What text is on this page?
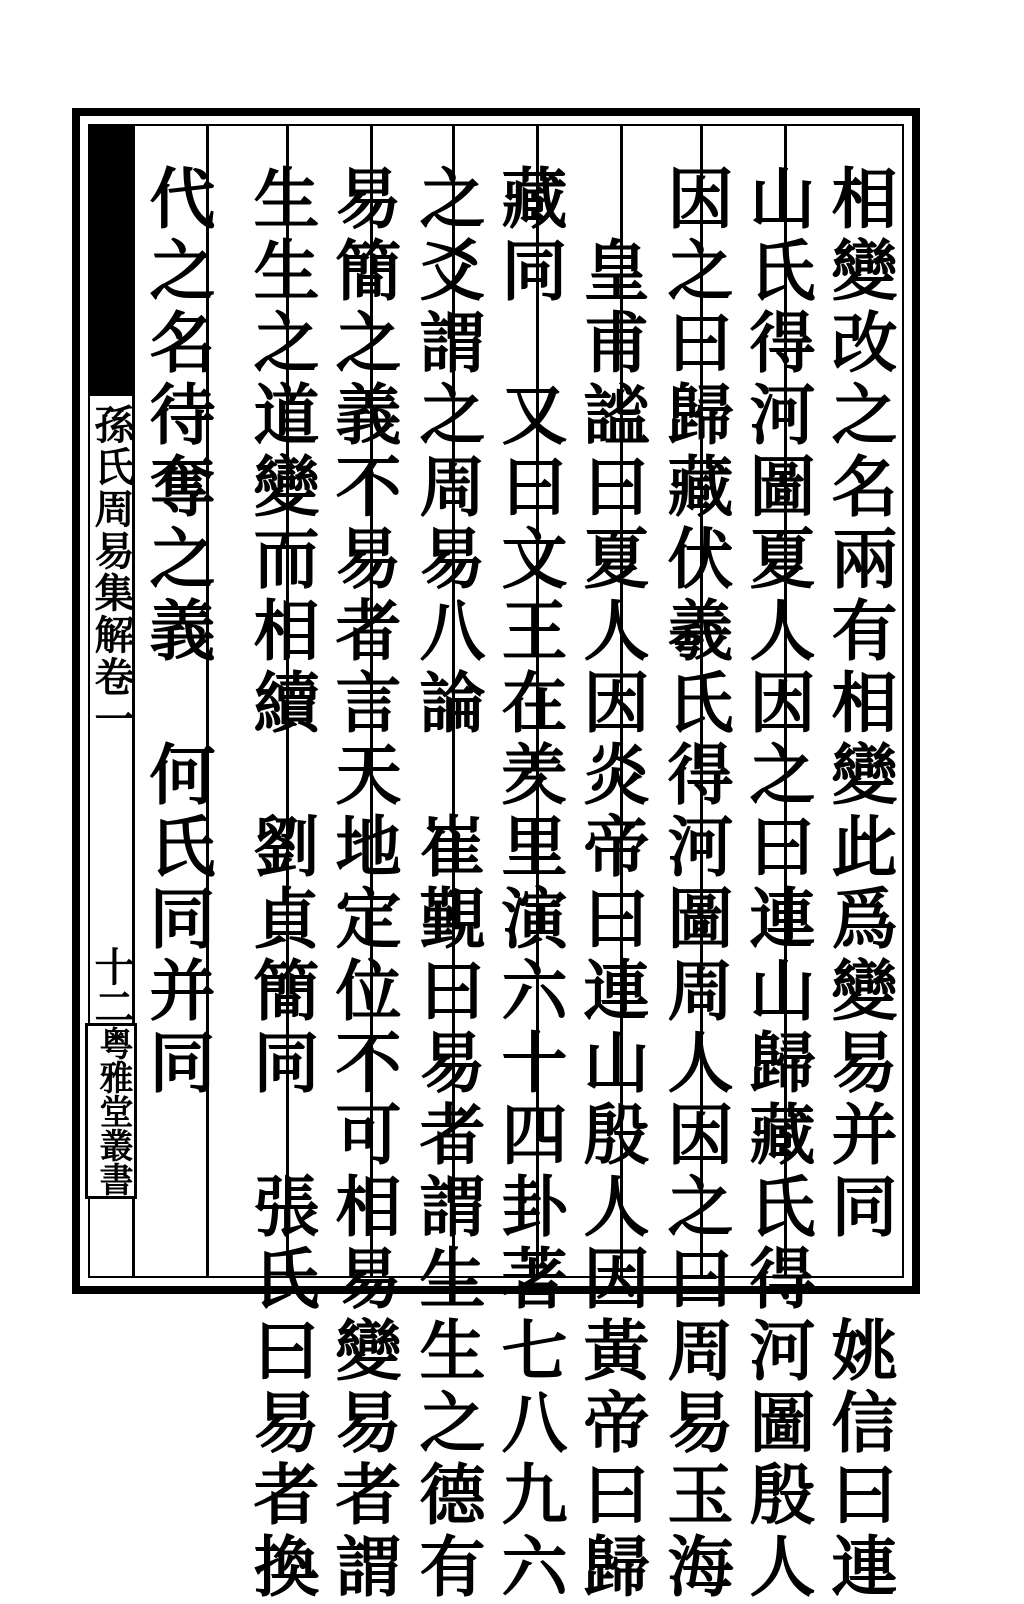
孫氏周易集解卷一
十二
粤雅堂叢書	相變改之名兩有相變此爲變易并同　姚信曰連
山氏得河圖夏人因之曰連山歸藏氏得河圖殷人
因之曰歸藏伏羲氏得河圖周人因之曰周易玉海
　皇甫謐曰夏人因炎帝曰連山殷人因黃帝曰歸
藏同　又曰文王在羑里演六十四卦著七八九六
之爻謂之周易八論　崔覲曰易者謂生生之德有
易簡之義不易者言天地定位不可相易變易者謂
生生之道變而相續　劉貞簡同　張氏曰易者換
代之名待奪之義　何氏同并同
